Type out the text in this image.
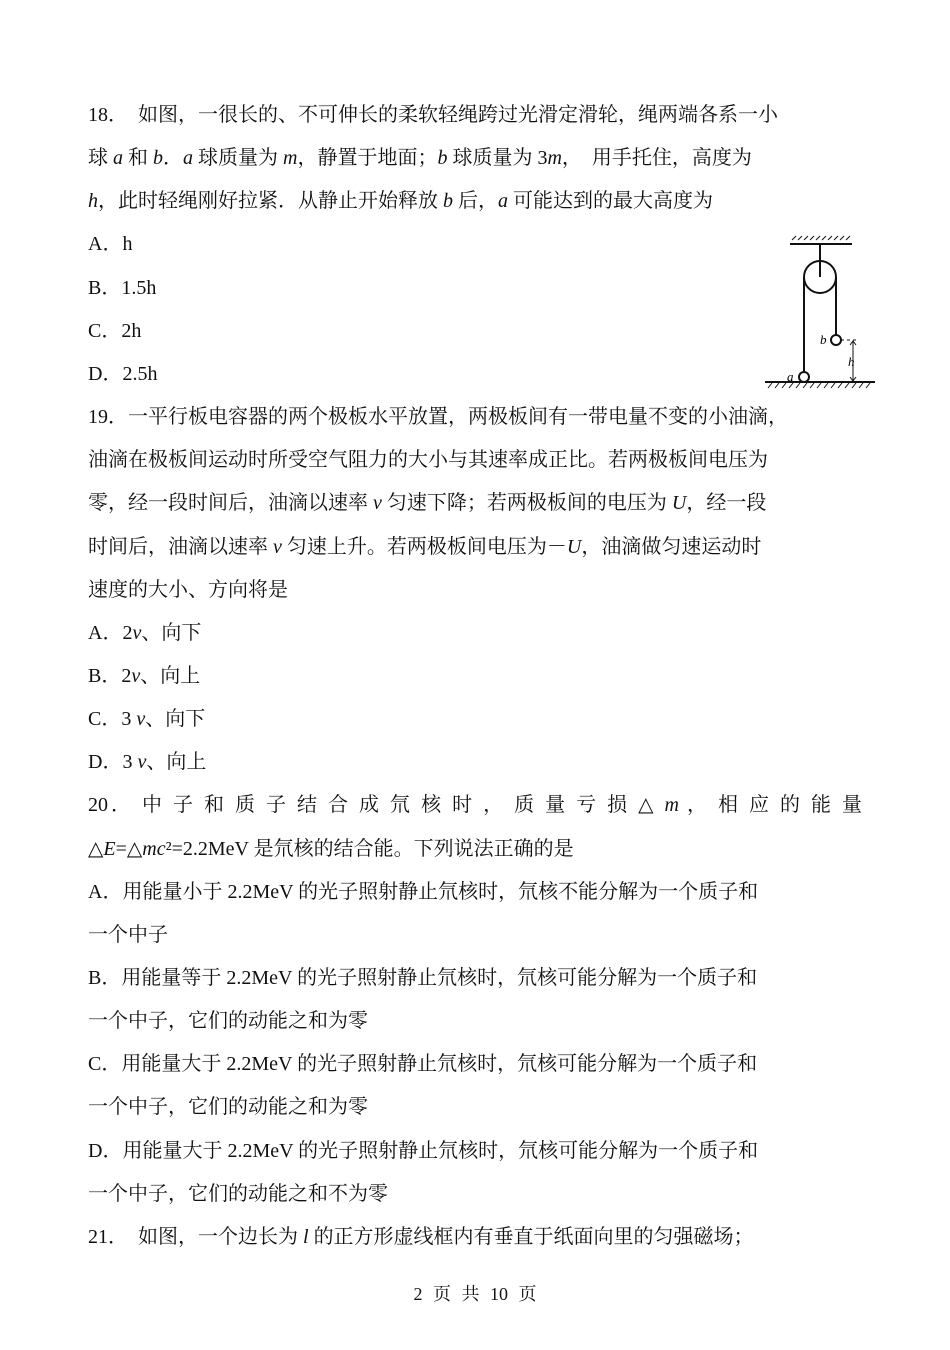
18．  如图，一很长的、不可伸长的柔软轻绳跨过光滑定滑轮，绳两端各系一小
球 a 和 b．a 球质量为 m，静置于地面；b 球质量为 3m，  用手托住，高度为
h，此时轻绳刚好拉紧．从静止开始释放 b 后，a 可能达到的最大高度为
A．h
B．1.5h
C．2h
D．2.5h
19．一平行板电容器的两个极板水平放置，两极板间有一带电量不变的小油滴，
油滴在极板间运动时所受空气阻力的大小与其速率成正比。若两极板间电压为
零，经一段时间后，油滴以速率 v 匀速下降；若两极板间的电压为 U，经一段
时间后，油滴以速率 v 匀速上升。若两极板间电压为－U，油滴做匀速运动时
速度的大小、方向将是
A．2v、向下
B．2v、向上
C．3 v、向下
D．3 v、向上
20． 中 子 和 质 子 结 合 成 氘 核 时 ， 质 量 亏 损 △ m ， 相 应 的 能 量
△E=△mc²=2.2MeV 是氘核的结合能。下列说法正确的是
A．用能量小于 2.2MeV 的光子照射静止氘核时，氘核不能分解为一个质子和
一个中子
B．用能量等于 2.2MeV 的光子照射静止氘核时，氘核可能分解为一个质子和
一个中子，它们的动能之和为零
C．用能量大于 2.2MeV 的光子照射静止氘核时，氘核可能分解为一个质子和
一个中子，它们的动能之和为零
D．用能量大于 2.2MeV 的光子照射静止氘核时，氘核可能分解为一个质子和
一个中子，它们的动能之和不为零
21．  如图，一个边长为 l 的正方形虚线框内有垂直于纸面向里的匀强磁场；
a
b
h
2 页 共 10 页
